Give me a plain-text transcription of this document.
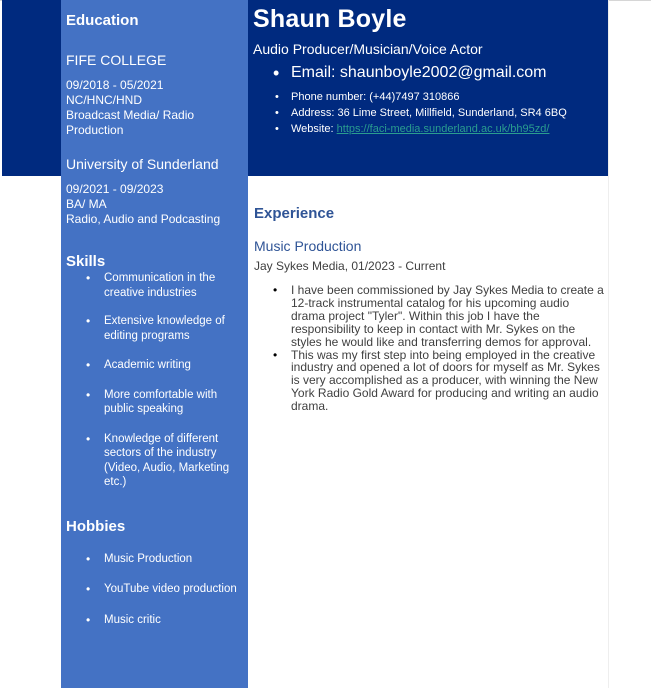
Education
FIFE COLLEGE
09/2018 - 05/2021
NC/HNC/HND
Broadcast Media/ Radio Production
University of Sunderland
09/2021 - 09/2023
BA/ MA
Radio, Audio and Podcasting
Skills
• Communication in the creative industries
• Extensive knowledge of editing programs
• Academic writing
• More comfortable with public speaking
• Knowledge of different sectors of the industry (Video, Audio, Marketing etc.)
Hobbies
• Music Production
• YouTube video production
• Music critic
Shaun Boyle
Audio Producer/Musician/Voice Actor
• Email: shaunboyle2002@gmail.com
• Phone number: (+44)7497 310866
• Address: 36 Lime Street, Millfield, Sunderland, SR4 6BQ
• Website: https://faci-media.sunderland.ac.uk/bh95zd/
Experience
Music Production
Jay Sykes Media, 01/2023 - Current
• I have been commissioned by Jay Sykes Media to create a 12-track instrumental catalog for his upcoming audio drama project "Tyler". Within this job I have the responsibility to keep in contact with Mr. Sykes on the styles he would like and transferring demos for approval.
• This was my first step into being employed in the creative industry and opened a lot of doors for myself as Mr. Sykes is very accomplished as a producer, with winning the New York Radio Gold Award for producing and writing an audio drama.
